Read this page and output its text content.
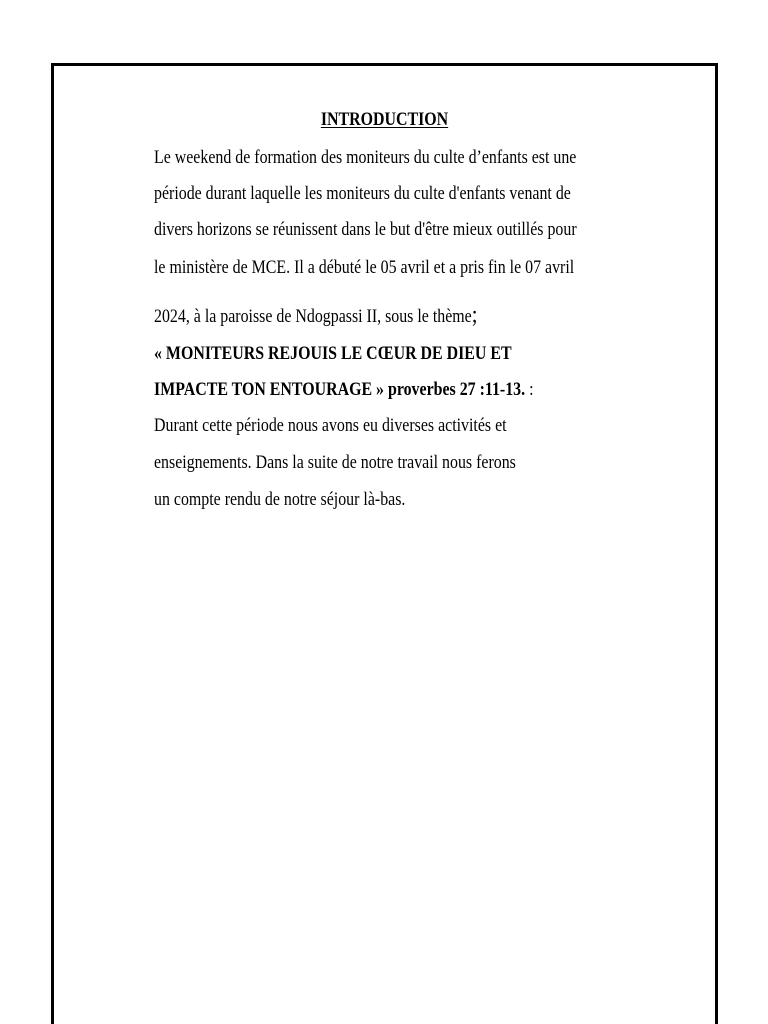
INTRODUCTION
Le weekend de formation des moniteurs du culte d’enfants est une
période durant laquelle les moniteurs du culte d'enfants venant de
divers horizons se réunissent dans le but d'être mieux outillés pour
le ministère de MCE. Il a débuté le 05 avril et a pris fin le 07 avril
2024, à la paroisse de Ndogpassi II, sous le thème;
« MONITEURS REJOUIS LE CŒUR DE DIEU ET
IMPACTE TON ENTOURAGE » proverbes 27 :11-13. :
Durant cette période nous avons eu diverses activités et
enseignements. Dans la suite de notre travail nous ferons
un compte rendu de notre séjour là-bas.
